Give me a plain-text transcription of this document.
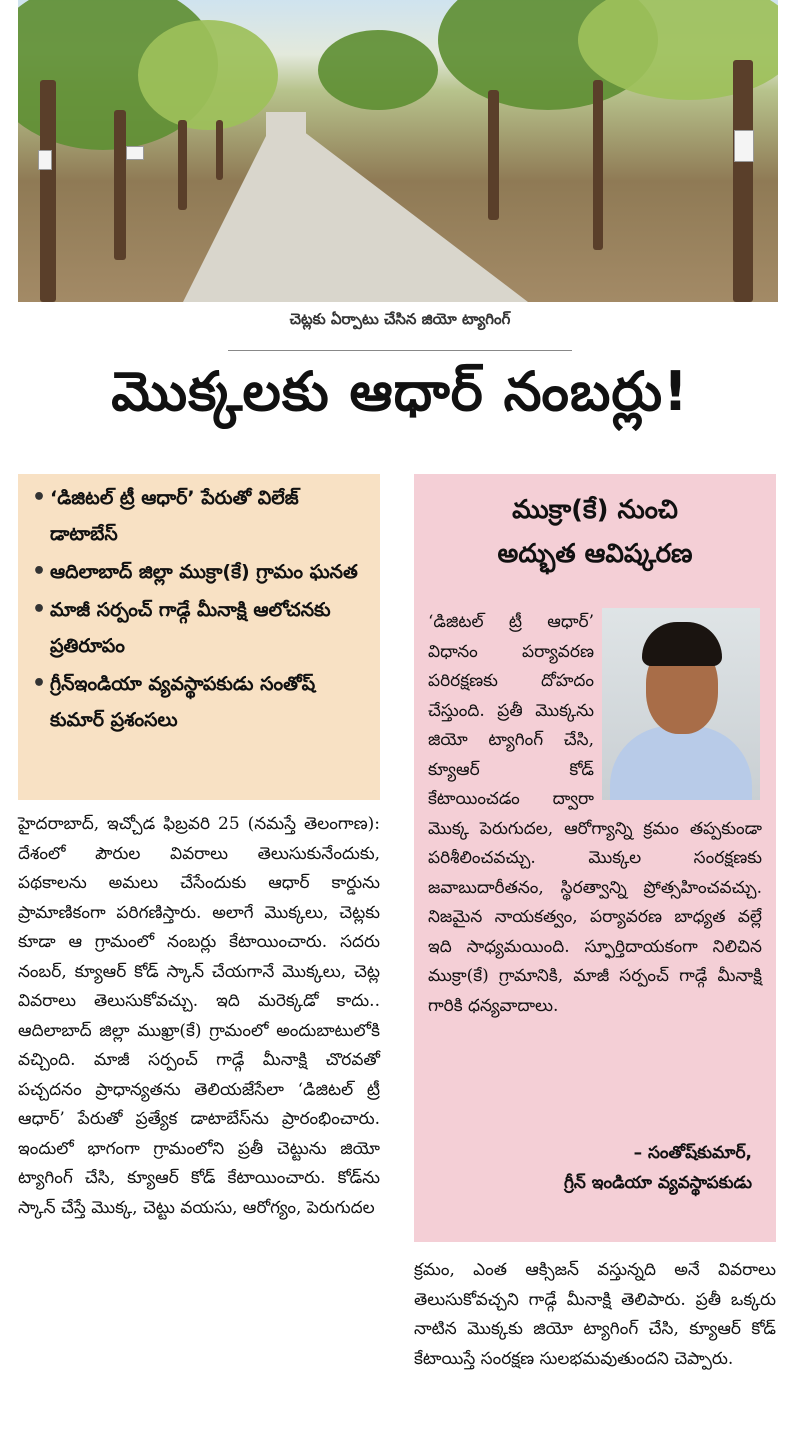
చెట్లకు ఏర్పాటు చేసిన జియో ట్యాగింగ్
మొక్కలకు ఆధార్ నంబర్లు!
• ‘డిజిటల్ ట్రీ ఆధార్’ పేరుతో విలేజ్ డాటాబేస్
• ఆదిలాబాద్ జిల్లా ముక్రా(కే) గ్రామం ఘనత
• మాజీ సర్పంచ్ గాడ్గే మీనాక్షి ఆలోచనకు ప్రతిరూపం
• గ్రీన్ఇండియా వ్యవస్థాపకుడు సంతోష్ కుమార్ ప్రశంసలు
హైదరాబాద్, ఇచ్చోడ ఫిబ్రవరి 25 (నమస్తే తెలంగాణ): దేశంలో పౌరుల వివరాలు తెలుసుకునేందుకు, పథకాలను అమలు చేసేందుకు ఆధార్ కార్డును ప్రామాణికంగా పరిగణిస్తారు. అలాగే మొక్కలు, చెట్లకు కూడా ఆ గ్రామంలో నంబర్లు కేటాయించారు. సదరు నంబర్, క్యూఆర్ కోడ్ స్కాన్ చేయగానే మొక్కలు, చెట్ల వివరాలు తెలుసుకోవచ్చు. ఇది మరెక్కడో కాదు.. ఆదిలాబాద్ జిల్లా ముఖ్రా(కే) గ్రామంలో అందుబాటులోకి వచ్చింది. మాజీ సర్పంచ్ గాడ్గే మీనాక్షి చొరవతో పచ్చదనం ప్రాధాన్యతను తెలియజేసేలా ‘డిజిటల్ ట్రీ ఆధార్’ పేరుతో ప్రత్యేక డాటాబేస్‌ను ప్రారంభించారు. ఇందులో భాగంగా గ్రామంలోని ప్రతీ చెట్టును జియో ట్యాగింగ్ చేసి, క్యూఆర్ కోడ్ కేటాయించారు. కోడ్‌ను స్కాన్ చేస్తే మొక్క, చెట్టు వయసు, ఆరోగ్యం, పెరుగుదల
ముక్రా(కే) నుంచి
అద్భుత ఆవిష్కరణ
‘డిజిటల్ ట్రీ ఆధార్’ విధానం పర్యావరణ పరిరక్షణకు దోహదం చేస్తుంది. ప్రతీ మొక్కను జియో ట్యాగింగ్ చేసి, క్యూఆర్ కోడ్ కేటాయించడం ద్వారా మొక్క పెరుగుదల, ఆరోగ్యాన్ని క్రమం తప్పకుండా పరిశీలించవచ్చు. మొక్కల సంరక్షణకు జవాబుదారీతనం, స్థిరత్వాన్ని ప్రోత్సహించవచ్చు. నిజమైన నాయకత్వం, పర్యావరణ బాధ్యత వల్లే ఇది సాధ్యమయింది. స్ఫూర్తిదాయకంగా నిలిచిన ముక్రా(కే) గ్రామానికి, మాజీ సర్పంచ్ గాడ్గే మీనాక్షి గారికి ధన్యవాదాలు.
– సంతోష్‌కుమార్,
గ్రీన్ ఇండియా వ్యవస్థాపకుడు
క్రమం, ఎంత ఆక్సిజన్ వస్తున్నది అనే వివరాలు తెలుసుకోవచ్చని గాడ్గే మీనాక్షి తెలిపారు. ప్రతీ ఒక్కరు నాటిన మొక్కకు జియో ట్యాగింగ్ చేసి, క్యూఆర్ కోడ్ కేటాయిస్తే సంరక్షణ సులభమవుతుందని చెప్పారు.
